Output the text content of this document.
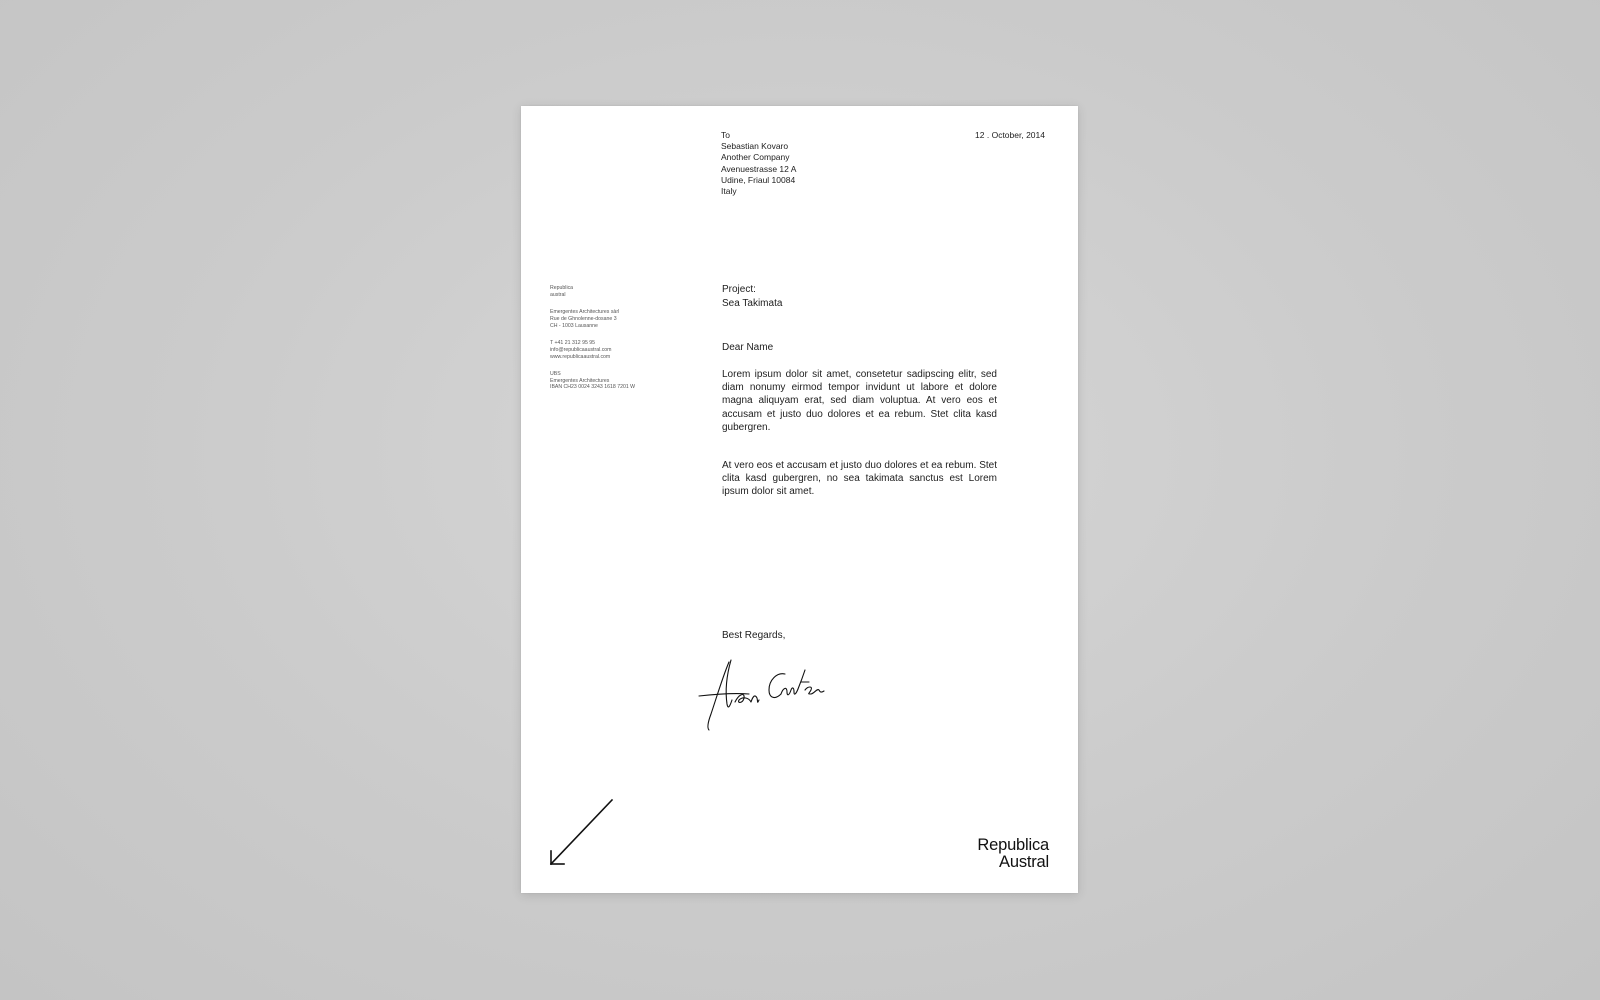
To
Sebastian Kovaro
Another Company
Avenuestrasse 12 A
Udine, Friaul 10084
Italy
12 . October, 2014
Republica
austral
Emergentes Architectures sàrl
Rue de Ghnolenne-dosane 3
CH - 1003 Lausanne
T +41 21 312 95 95
info@republicaaustral.com
www.republicaaustral.com
UBS
Emergentes Architectures
IBAN CH23 0024 3243 1618 7201 W
Project:
Sea Takimata
Dear Name
Lorem ipsum dolor sit amet, consetetur sadipscing elitr, sed diam nonumy eirmod tempor invidunt ut labore et dolore magna aliquyam erat, sed diam voluptua. At vero eos et accusam et justo duo dolores et ea rebum. Stet clita kasd gubergren.
At vero eos et accusam et justo duo dolores et ea rebum. Stet clita kasd gubergren, no sea takimata sanctus est Lorem ipsum dolor sit amet.
Best Regards,
Republica
Austral
